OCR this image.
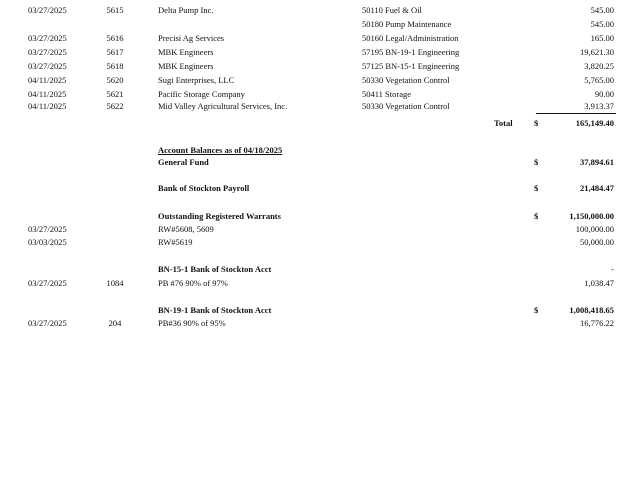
03/27/2025	5615	Delta Pump Inc.	50110 Fuel & Oil	545.00
50180 Pump Maintenance	545.00
03/27/2025	5616	Precisi Ag Services	50160 Legal/Administration	165.00
03/27/2025	5617	MBK Engineers	57195 BN-19-1 Engineering	19,621.30
03/27/2025	5618	MBK Engineers	57125 BN-15-1 Engineering	3,820.25
04/11/2025	5620	Sugi Enterprises, LLC	50330 Vegetation Control	5,765.00
04/11/2025	5621	Pacific Storage Company	50411 Storage	90.00
04/11/2025	5622	Mid Valley Agricultural Services, Inc.	50330 Vegetation Control	3,913.37
Total	$	165,149.40
Account Balances as of 04/18/2025
General Fund	$	37,894.61
Bank of Stockton Payroll	$	21,484.47
Outstanding Registered Warrants	$	1,150,000.00
03/27/2025	RW#5608, 5609	100,000.00
03/03/2025	RW#5619	50,000.00
BN-15-1 Bank of Stockton Acct	-
03/27/2025	1084	PB #76 90% of 97%	1,038.47
BN-19-1 Bank of Stockton Acct	$	1,008,418.65
03/27/2025	204	PB#36 90% of 95%	16,776.22
